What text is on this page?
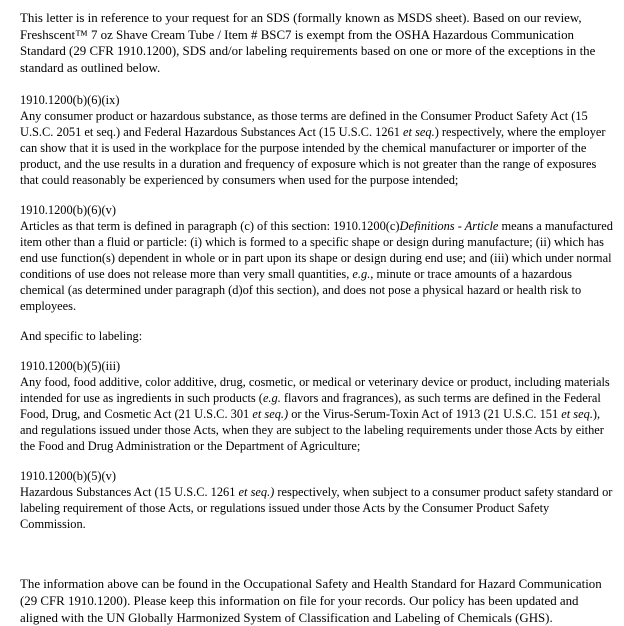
This letter is in reference to your request for an SDS (formally known as MSDS sheet). Based on our review, Freshscent™ 7 oz Shave Cream Tube / Item # BSC7 is exempt from the OSHA Hazardous Communication Standard (29 CFR 1910.1200), SDS and/or labeling requirements based on one or more of the exceptions in the standard as outlined below.

1910.1200(b)(6)(ix)
Any consumer product or hazardous substance, as those terms are defined in the Consumer Product Safety Act (15 U.S.C. 2051 et seq.) and Federal Hazardous Substances Act (15 U.S.C. 1261 et seq.) respectively, where the employer can show that it is used in the workplace for the purpose intended by the chemical manufacturer or importer of the product, and the use results in a duration and frequency of exposure which is not greater than the range of exposures that could reasonably be experienced by consumers when used for the purpose intended;

1910.1200(b)(6)(v)
Articles as that term is defined in paragraph (c) of this section: 1910.1200(c)Definitions - Article means a manufactured item other than a fluid or particle: (i) which is formed to a specific shape or design during manufacture; (ii) which has end use function(s) dependent in whole or in part upon its shape or design during end use; and (iii) which under normal conditions of use does not release more than very small quantities, e.g., minute or trace amounts of a hazardous chemical (as determined under paragraph (d)of this section), and does not pose a physical hazard or health risk to employees.

And specific to labeling:

1910.1200(b)(5)(iii)
Any food, food additive, color additive, drug, cosmetic, or medical or veterinary device or product, including materials intended for use as ingredients in such products (e.g. flavors and fragrances), as such terms are defined in the Federal Food, Drug, and Cosmetic Act (21 U.S.C. 301 et seq.) or the Virus-Serum-Toxin Act of 1913 (21 U.S.C. 151 et seq.), and regulations issued under those Acts, when they are subject to the labeling requirements under those Acts by either the Food and Drug Administration or the Department of Agriculture;

1910.1200(b)(5)(v)
Hazardous Substances Act (15 U.S.C. 1261 et seq.) respectively, when subject to a consumer product safety standard or labeling requirement of those Acts, or regulations issued under those Acts by the Consumer Product Safety Commission.

The information above can be found in the Occupational Safety and Health Standard for Hazard Communication (29 CFR 1910.1200). Please keep this information on file for your records. Our policy has been updated and aligned with the UN Globally Harmonized System of Classification and Labeling of Chemicals (GHS).
